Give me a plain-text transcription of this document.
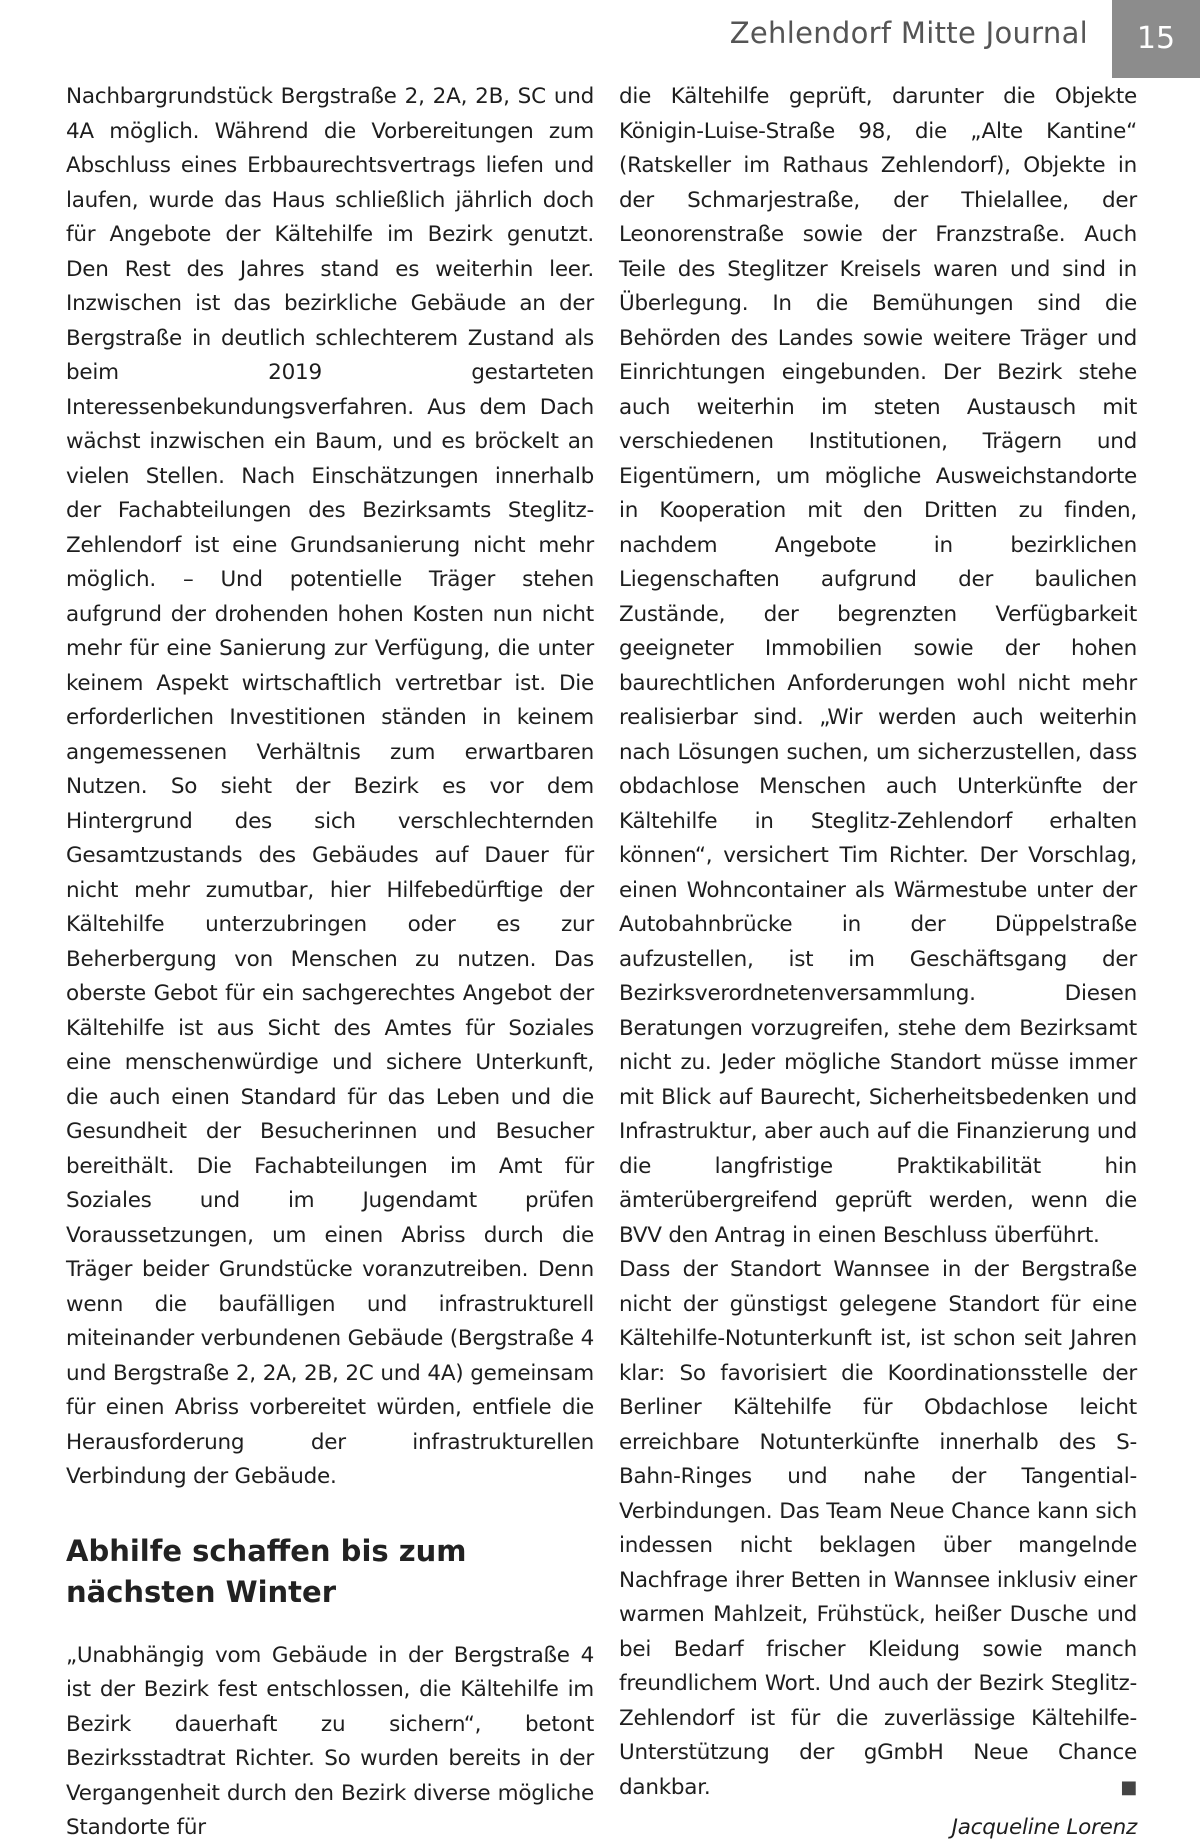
Zehlendorf Mitte Journal	15

Nachbargrundstück Bergstraße 2, 2A, 2B, SC und 4A möglich. Während die Vorbereitungen zum Abschluss eines Erbbaurechtsvertrags liefen und laufen, wurde das Haus schließlich jährlich doch für Angebote der Kältehilfe im Bezirk genutzt. Den Rest des Jahres stand es weiterhin leer. Inzwischen ist das bezirkliche Gebäude an der Bergstraße in deutlich schlechterem Zustand als beim 2019 gestarteten Interessenbekundungsverfahren. Aus dem Dach wächst inzwischen ein Baum, und es bröckelt an vielen Stellen. Nach Einschätzungen innerhalb der Fachabteilungen des Bezirksamts Steglitz-Zehlendorf ist eine Grundsanierung nicht mehr möglich. – Und potentielle Träger stehen aufgrund der drohenden hohen Kosten nun nicht mehr für eine Sanierung zur Verfügung, die unter keinem Aspekt wirtschaftlich vertretbar ist. Die erforderlichen Investitionen ständen in keinem angemessenen Verhältnis zum erwartbaren Nutzen. So sieht der Bezirk es vor dem Hintergrund des sich verschlechternden Gesamtzustands des Gebäudes auf Dauer für nicht mehr zumutbar, hier Hilfebedürftige der Kältehilfe unterzubringen oder es zur Beherbergung von Menschen zu nutzen. Das oberste Gebot für ein sachgerechtes Angebot der Kältehilfe ist aus Sicht des Amtes für Soziales eine menschenwürdige und sichere Unterkunft, die auch einen Standard für das Leben und die Gesundheit der Besucherinnen und Besucher bereithält. Die Fachabteilungen im Amt für Soziales und im Jugendamt prüfen Voraussetzungen, um einen Abriss durch die Träger beider Grundstücke voranzutreiben. Denn wenn die baufälligen und infrastrukturell miteinander verbundenen Gebäude (Bergstraße 4 und Bergstraße 2, 2A, 2B, 2C und 4A) gemeinsam für einen Abriss vorbereitet würden, entfiele die Herausforderung der infrastrukturellen Verbindung der Gebäude.

Abhilfe schaffen bis zum nächsten Winter

„Unabhängig vom Gebäude in der Bergstraße 4 ist der Bezirk fest entschlossen, die Kältehilfe im Bezirk dauerhaft zu sichern“, betont Bezirksstadtrat Richter. So wurden bereits in der Vergangenheit durch den Bezirk diverse mögliche Standorte für

die Kältehilfe geprüft, darunter die Objekte Königin-Luise-Straße 98, die „Alte Kantine“ (Ratskeller im Rathaus Zehlendorf), Objekte in der Schmarjestraße, der Thielallee, der Leonorenstraße sowie der Franzstraße. Auch Teile des Steglitzer Kreisels waren und sind in Überlegung. In die Bemühungen sind die Behörden des Landes sowie weitere Träger und Einrichtungen eingebunden. Der Bezirk stehe auch weiterhin im steten Austausch mit verschiedenen Institutionen, Trägern und Eigentümern, um mögliche Ausweichstandorte in Kooperation mit den Dritten zu finden, nachdem Angebote in bezirklichen Liegenschaften aufgrund der baulichen Zustände, der begrenzten Verfügbarkeit geeigneter Immobilien sowie der hohen baurechtlichen Anforderungen wohl nicht mehr realisierbar sind. „Wir werden auch weiterhin nach Lösungen suchen, um sicherzustellen, dass obdachlose Menschen auch Unterkünfte der Kältehilfe in Steglitz-Zehlendorf erhalten können“, versichert Tim Richter. Der Vorschlag, einen Wohncontainer als Wärmestube unter der Autobahnbrücke in der Düppelstraße aufzustellen, ist im Geschäftsgang der Bezirksverordnetenversammlung. Diesen Beratungen vorzugreifen, stehe dem Bezirksamt nicht zu. Jeder mögliche Standort müsse immer mit Blick auf Baurecht, Sicherheitsbedenken und Infrastruktur, aber auch auf die Finanzierung und die langfristige Praktikabilität hin ämterübergreifend geprüft werden, wenn die BVV den Antrag in einen Beschluss überführt.

Dass der Standort Wannsee in der Bergstraße nicht der günstigst gelegene Standort für eine Kältehilfe-Notunterkunft ist, ist schon seit Jahren klar: So favorisiert die Koordinationsstelle der Berliner Kältehilfe für Obdachlose leicht erreichbare Notunterkünfte innerhalb des S-Bahn-Ringes und nahe der Tangential-Verbindungen. Das Team Neue Chance kann sich indessen nicht beklagen über mangelnde Nachfrage ihrer Betten in Wannsee inklusiv einer warmen Mahlzeit, Frühstück, heißer Dusche und bei Bedarf frischer Kleidung sowie manch freundlichem Wort. Und auch der Bezirk Steglitz-Zehlendorf ist für die zuverlässige Kältehilfe-Unterstützung der gGmbH Neue Chance dankbar.	■

Jacqueline Lorenz
